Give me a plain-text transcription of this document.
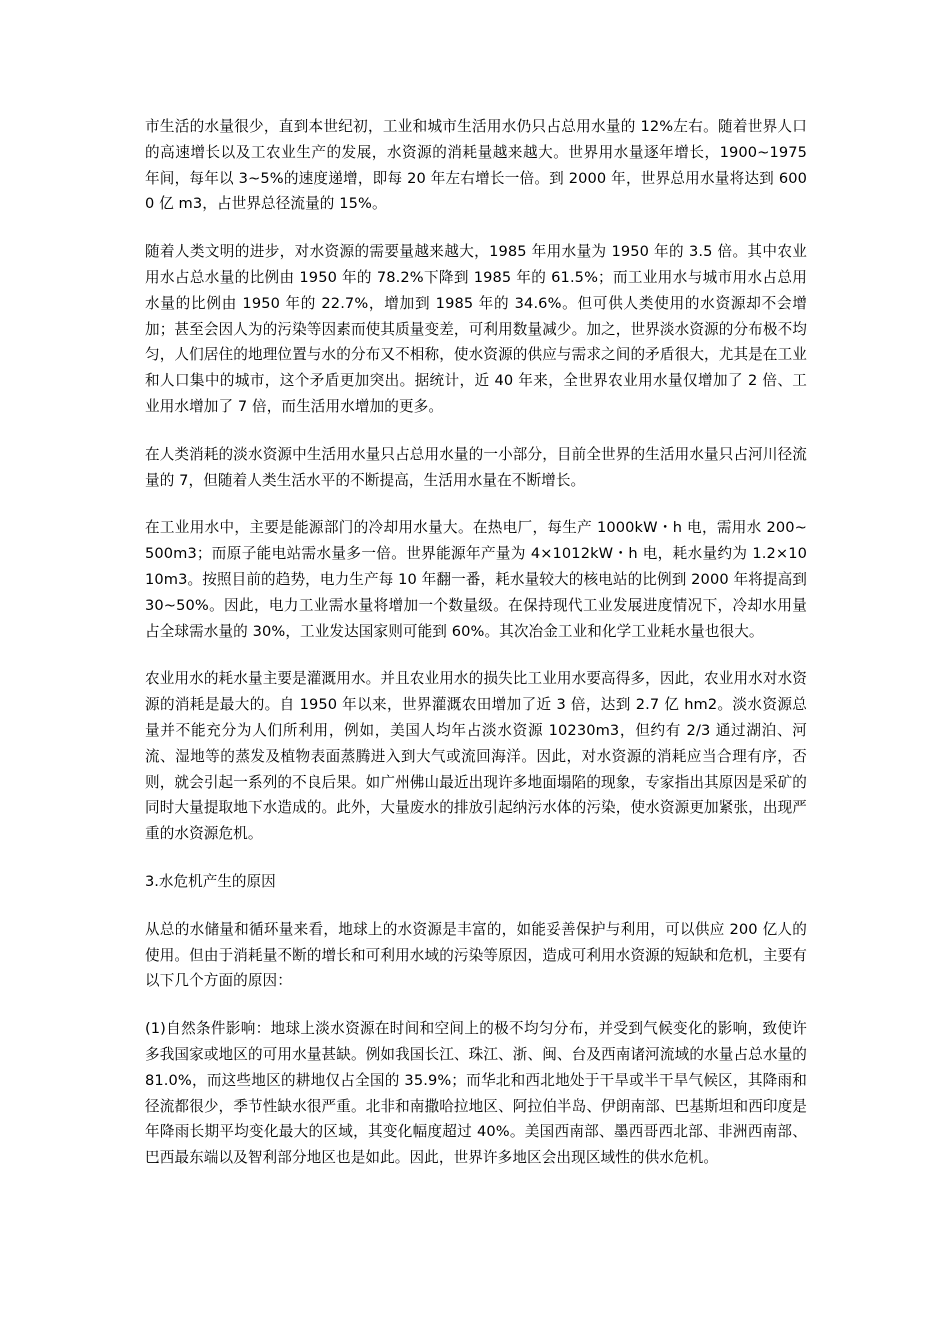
市生活的水量很少，直到本世纪初，工业和城市生活用水仍只占总用水量的 12%左右。随着世界人口的高速增长以及工农业生产的发展，水资源的消耗量越来越大。世界用水量逐年增长，1900~1975 年间，每年以 3~5%的速度递增，即每 20 年左右增长一倍。到 2000 年，世界总用水量将达到 6000 亿 m3，占世界总径流量的 15%。

随着人类文明的进步，对水资源的需要量越来越大，1985 年用水量为 1950 年的 3.5 倍。其中农业用水占总水量的比例由 1950 年的 78.2%下降到 1985 年的 61.5%；而工业用水与城市用水占总用水量的比例由 1950 年的 22.7%，增加到 1985 年的 34.6%。但可供人类使用的水资源却不会增加；甚至会因人为的污染等因素而使其质量变差，可利用数量减少。加之，世界淡水资源的分布极不均匀，人们居住的地理位置与水的分布又不相称，使水资源的供应与需求之间的矛盾很大，尤其是在工业和人口集中的城市，这个矛盾更加突出。据统计，近 40 年来，全世界农业用水量仅增加了 2 倍、工业用水增加了 7 倍，而生活用水增加的更多。

在人类消耗的淡水资源中生活用水量只占总用水量的一小部分，目前全世界的生活用水量只占河川径流量的 7，但随着人类生活水平的不断提高，生活用水量在不断增长。

在工业用水中，主要是能源部门的冷却用水量大。在热电厂，每生产 1000kW・h 电，需用水 200~500m3；而原子能电站需水量多一倍。世界能源年产量为 4×1012kW・h 电，耗水量约为 1.2×1010m3。按照目前的趋势，电力生产每 10 年翻一番，耗水量较大的核电站的比例到 2000 年将提高到 30~50%。因此，电力工业需水量将增加一个数量级。在保持现代工业发展进度情况下，冷却水用量占全球需水量的 30%，工业发达国家则可能到 60%。其次冶金工业和化学工业耗水量也很大。

农业用水的耗水量主要是灌溉用水。并且农业用水的损失比工业用水要高得多，因此，农业用水对水资源的消耗是最大的。自 1950 年以来，世界灌溉农田增加了近 3 倍，达到 2.7 亿 hm2。淡水资源总量并不能充分为人们所利用，例如，美国人均年占淡水资源 10230m3，但约有 2/3 通过湖泊、河流、湿地等的蒸发及植物表面蒸腾进入到大气或流回海洋。因此，对水资源的消耗应当合理有序，否则，就会引起一系列的不良后果。如广州佛山最近出现许多地面塌陷的现象，专家指出其原因是采矿的同时大量提取地下水造成的。此外，大量废水的排放引起纳污水体的污染，使水资源更加紧张，出现严重的水资源危机。

3.水危机产生的原因

从总的水储量和循环量来看，地球上的水资源是丰富的，如能妥善保护与利用，可以供应 200 亿人的使用。但由于消耗量不断的增长和可利用水域的污染等原因，造成可利用水资源的短缺和危机，主要有以下几个方面的原因：

(1)自然条件影响：地球上淡水资源在时间和空间上的极不均匀分布，并受到气候变化的影响，致使许多我国家或地区的可用水量甚缺。例如我国长江、珠江、浙、闽、台及西南诸河流域的水量占总水量的 81.0%，而这些地区的耕地仅占全国的 35.9%；而华北和西北地处于干旱或半干旱气候区，其降雨和径流都很少，季节性缺水很严重。北非和南撒哈拉地区、阿拉伯半岛、伊朗南部、巴基斯坦和西印度是年降雨长期平均变化最大的区域，其变化幅度超过 40%。美国西南部、墨西哥西北部、非洲西南部、巴西最东端以及智利部分地区也是如此。因此，世界许多地区会出现区域性的供水危机。
